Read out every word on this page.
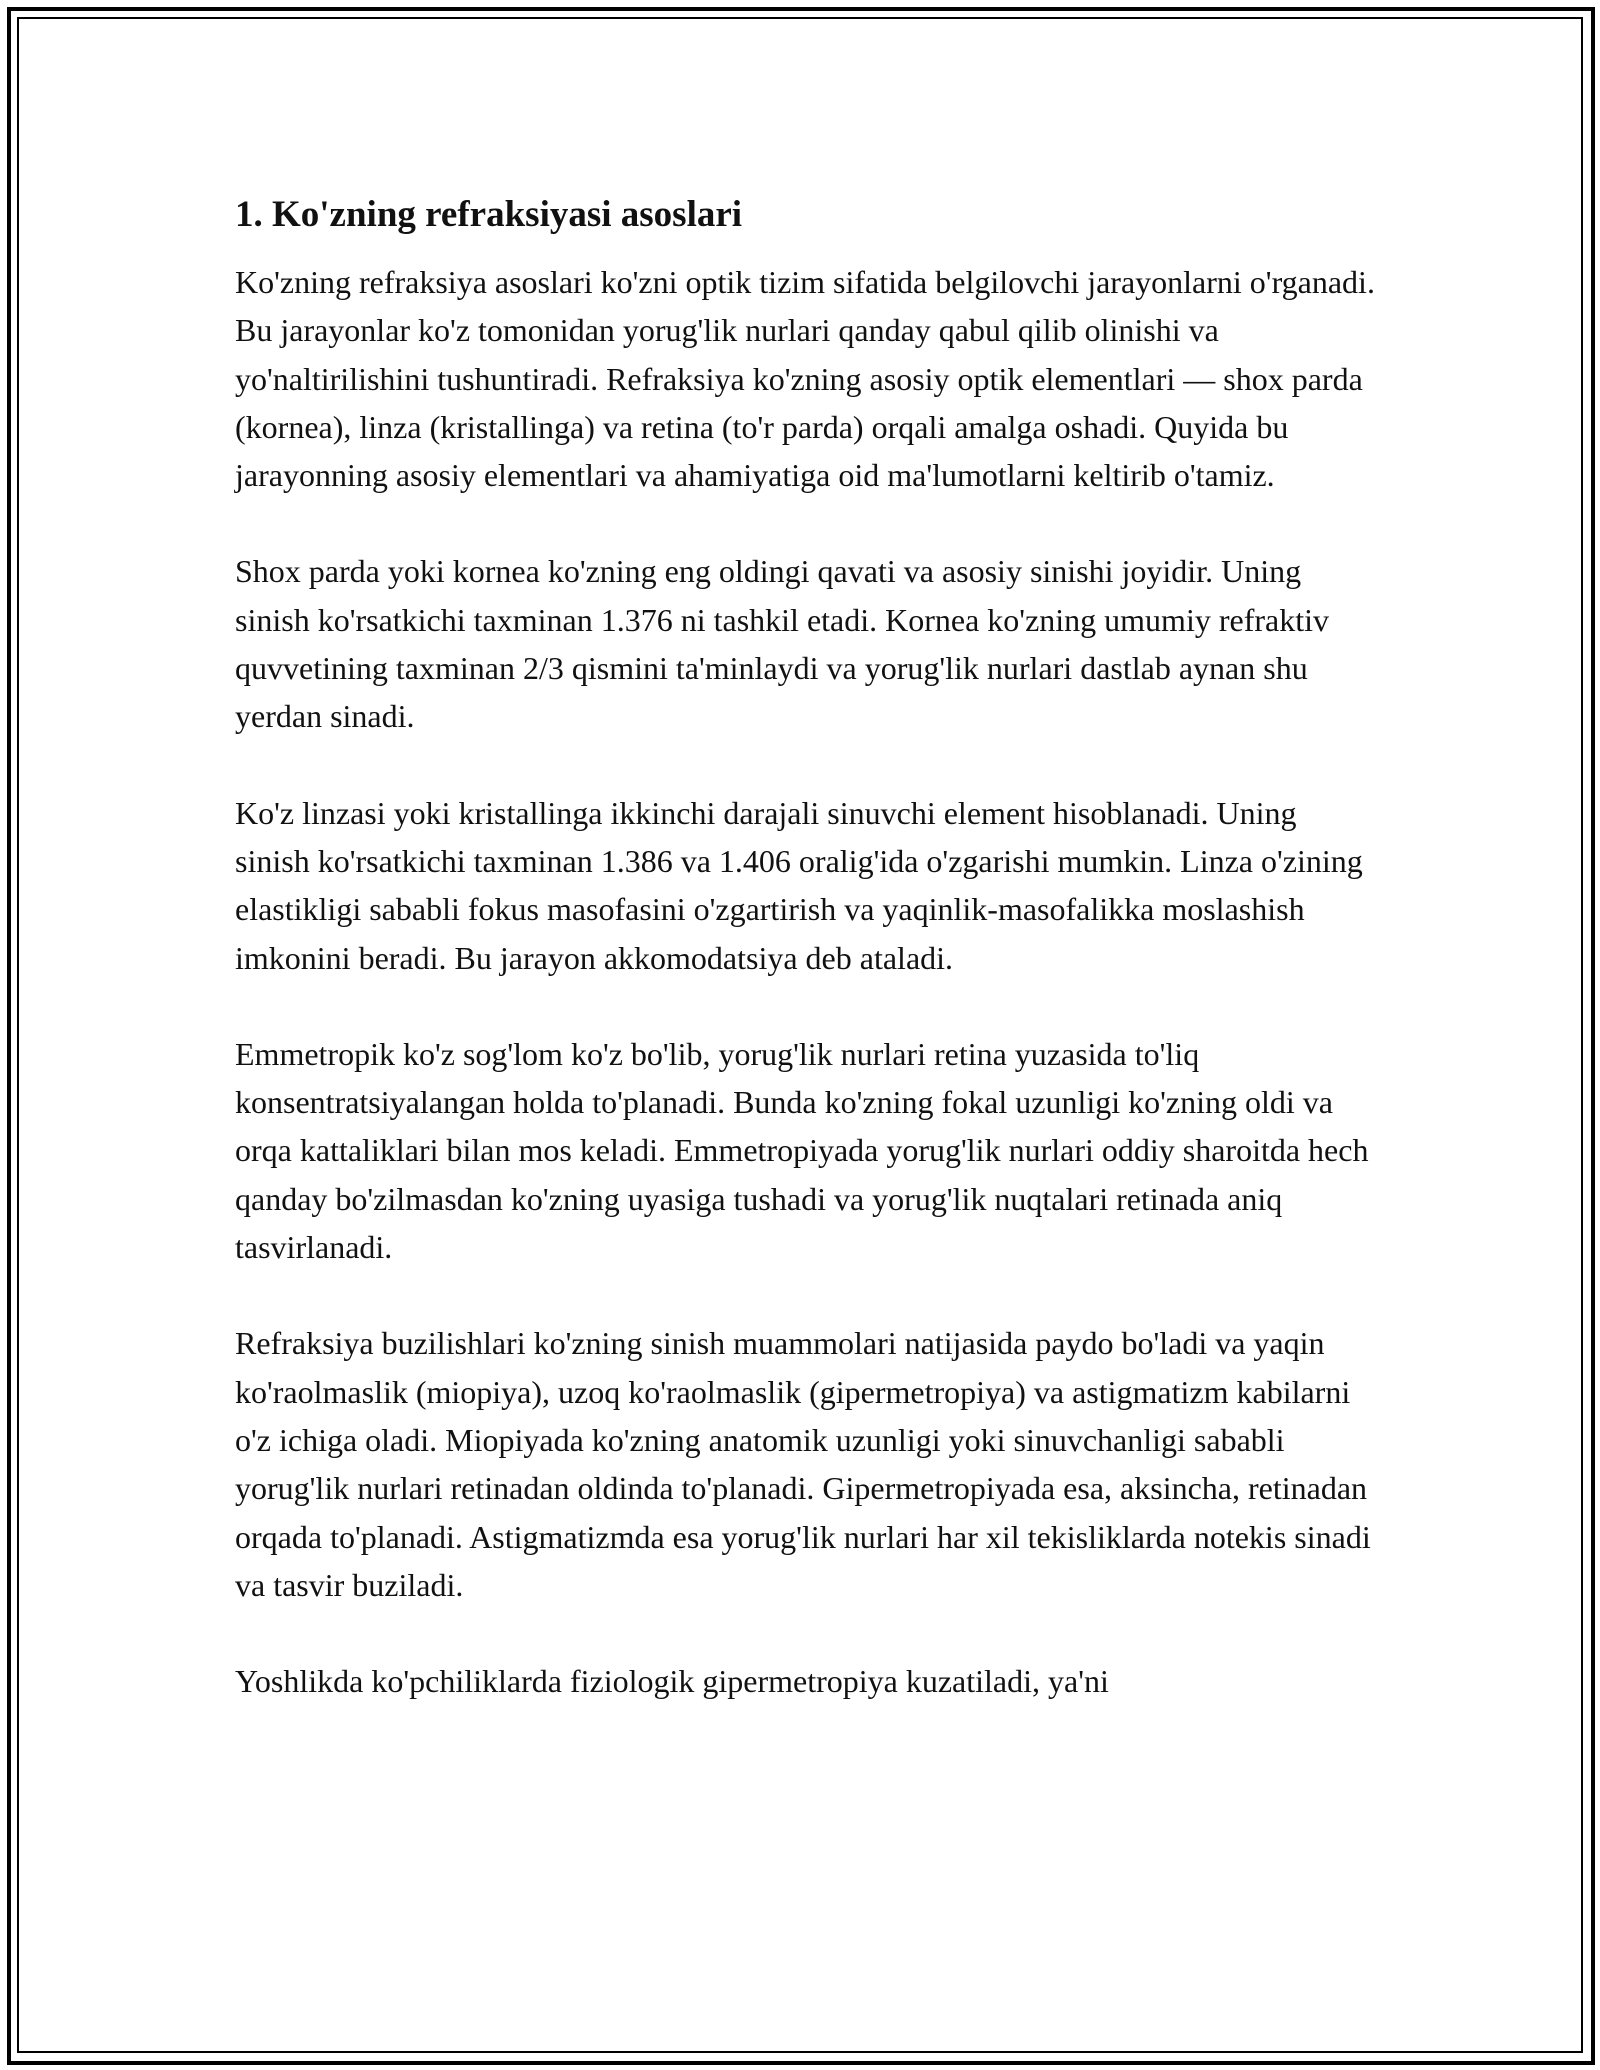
1. Ko'zning refraksiyasi asoslari

Ko'zning refraksiya asoslari ko'zni optik tizim sifatida belgilovchi jarayonlarni o'rganadi. Bu jarayonlar ko'z tomonidan yorug'lik nurlari qanday qabul qilib olinishi va yo'naltirilishini tushuntiradi. Refraksiya ko'zning asosiy optik elementlari — shox parda (kornea), linza (kristallinga) va retina (to'r parda) orqali amalga oshadi. Quyida bu jarayonning asosiy elementlari va ahamiyatiga oid ma'lumotlarni keltirib o'tamiz.

Shox parda yoki kornea ko'zning eng oldingi qavati va asosiy sinishi joyidir. Uning sinish ko'rsatkichi taxminan 1.376 ni tashkil etadi. Kornea ko'zning umumiy refraktiv quvvetining taxminan 2/3 qismini ta'minlaydi va yorug'lik nurlari dastlab aynan shu yerdan sinadi.

Ko'z linzasi yoki kristallinga ikkinchi darajali sinuvchi element hisoblanadi. Uning sinish ko'rsatkichi taxminan 1.386 va 1.406 oralig'ida o'zgarishi mumkin. Linza o'zining elastikligi sababli fokus masofasini o'zgartirish va yaqinlik-masofalikka moslashish imkonini beradi. Bu jarayon akkomodatsiya deb ataladi.

Emmetropik ko'z sog'lom ko'z bo'lib, yorug'lik nurlari retina yuzasida to'liq konsentratsiyalangan holda to'planadi. Bunda ko'zning fokal uzunligi ko'zning oldi va orqa kattaliklari bilan mos keladi. Emmetropiyada yorug'lik nurlari oddiy sharoitda hech qanday bo'zilmasdan ko'zning uyasiga tushadi va yorug'lik nuqtalari retinada aniq tasvirlanadi.

Refraksiya buzilishlari ko'zning sinish muammolari natijasida paydo bo'ladi va yaqin ko'raolmaslik (miopiya), uzoq ko'raolmaslik (gipermetropiya) va astigmatizm kabilarni o'z ichiga oladi. Miopiyada ko'zning anatomik uzunligi yoki sinuvchanligi sababli yorug'lik nurlari retinadan oldinda to'planadi. Gipermetropiyada esa, aksincha, retinadan orqada to'planadi. Astigmatizmda esa yorug'lik nurlari har xil tekisliklarda notekis sinadi va tasvir buziladi.

Yoshlikda ko'pchiliklarda fiziologik gipermetropiya kuzatiladi, ya'ni
